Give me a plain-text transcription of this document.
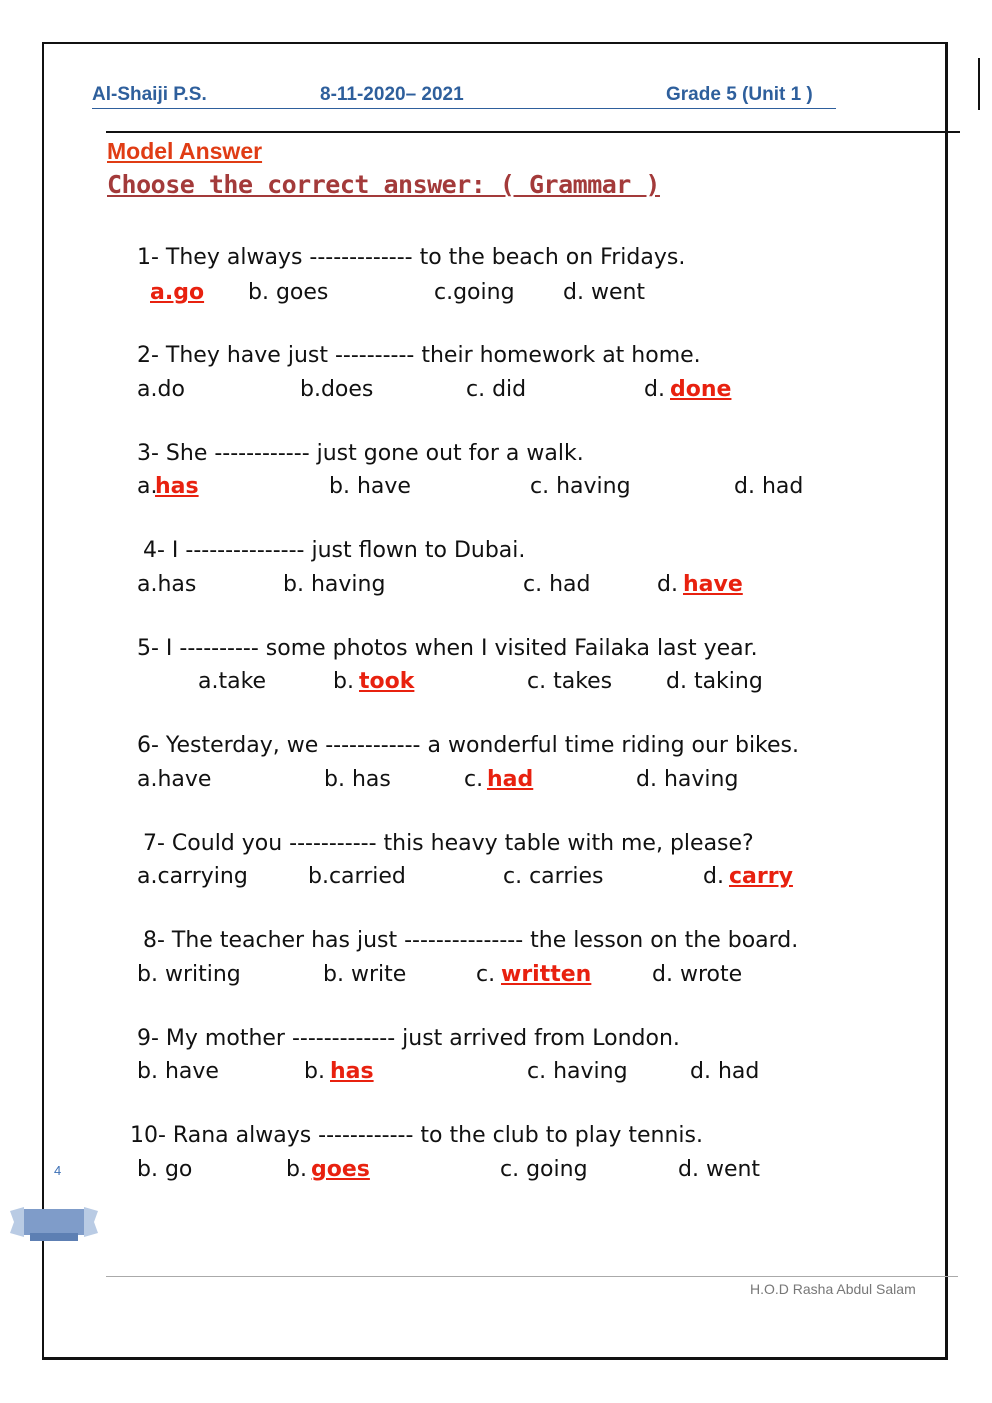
Al-Shaiji P.S.	8-11-2020– 2021	Grade 5 (Unit 1 )
Model Answer
Choose the correct answer: ( Grammar )
1- They always ------------- to the beach on Fridays.
a.go b. goes	c.going d. went
2- They have just ---------- their homework at home.
a.do	b.does	c. did	d. done
3- She ------------ just gone out for a walk.
a.
has	b. have	c. having	d. had
4- I --------------- just flown to Dubai.
a.has	b. having	c. had	d. have
5- I ---------- some photos when I visited Failaka last year.
a.take	b. took	c. takes d. taking
6- Yesterday, we ------------ a wonderful time riding our bikes.
a.have	b. has	c. had	d. having
7- Could you ----------- this heavy table with me, please?
a.carrying	b.carried	c. carries	d. carry
8- The teacher has just --------------- the lesson on the board.
b. writing	b. write	c. written	d. wrote
9- My mother ------------- just arrived from London.
b. have	b. has	c. having	d. had
10- Rana always ------------ to the club to play tennis.
b. go	b. goes	c. going	d. went
4
H.O.D Rasha Abdul Salam
